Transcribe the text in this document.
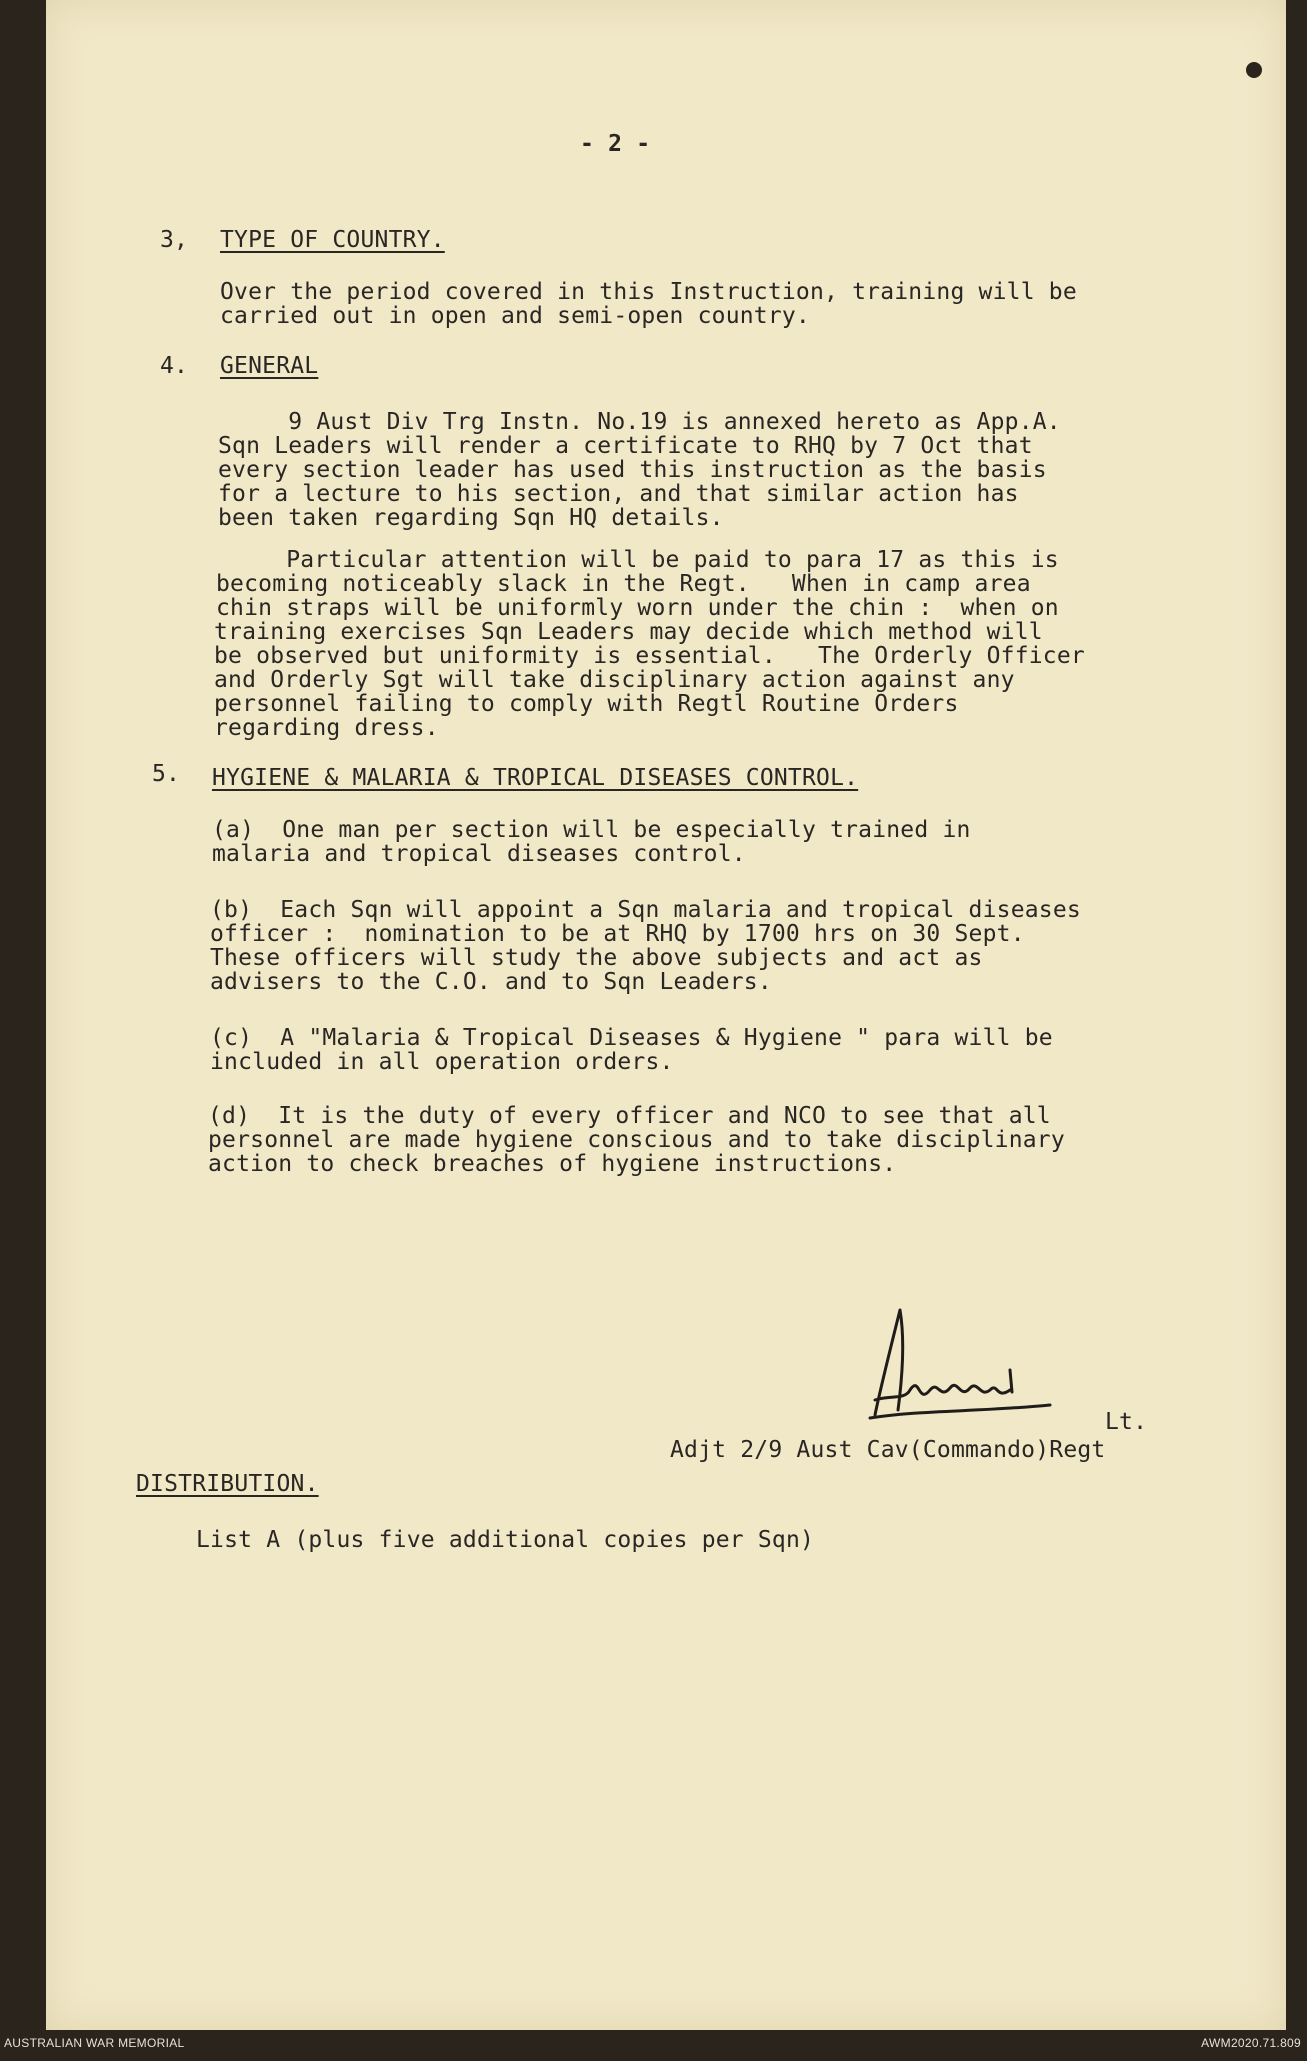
- 2 -
3, TYPE OF COUNTRY.
Over the period covered in this Instruction, training will be
carried out in open and semi-open country.
4. GENERAL
9 Aust Div Trg Instn. No.19 is annexed hereto as App.A.
Sqn Leaders will render a certificate to RHQ by 7 Oct that
every section leader has used this instruction as the basis
for a lecture to his section, and that similar action has
been taken regarding Sqn HQ details.
Particular attention will be paid to para 17 as this is
becoming noticeably slack in the Regt.   When in camp area
chin straps will be uniformly worn under the chin :  when on
training exercises Sqn Leaders may decide which method will
be observed but uniformity is essential.   The Orderly Officer
and Orderly Sgt will take disciplinary action against any
personnel failing to comply with Regtl Routine Orders
regarding dress.
5. HYGIENE & MALARIA & TROPICAL DISEASES CONTROL.
(a)  One man per section will be especially trained in
malaria and tropical diseases control.
(b)  Each Sqn will appoint a Sqn malaria and tropical diseases
officer :  nomination to be at RHQ by 1700 hrs on 30 Sept.
These officers will study the above subjects and act as
advisers to the C.O. and to Sqn Leaders.
(c)  A "Malaria & Tropical Diseases & Hygiene " para will be
included in all operation orders.
(d)  It is the duty of every officer and NCO to see that all
personnel are made hygiene conscious and to take disciplinary
action to check breaches of hygiene instructions.
Lt.
Adjt 2/9 Aust Cav(Commando)Regt
DISTRIBUTION.
List A (plus five additional copies per Sqn)
AUSTRALIAN WAR MEMORIAL	AWM2020.71.809
